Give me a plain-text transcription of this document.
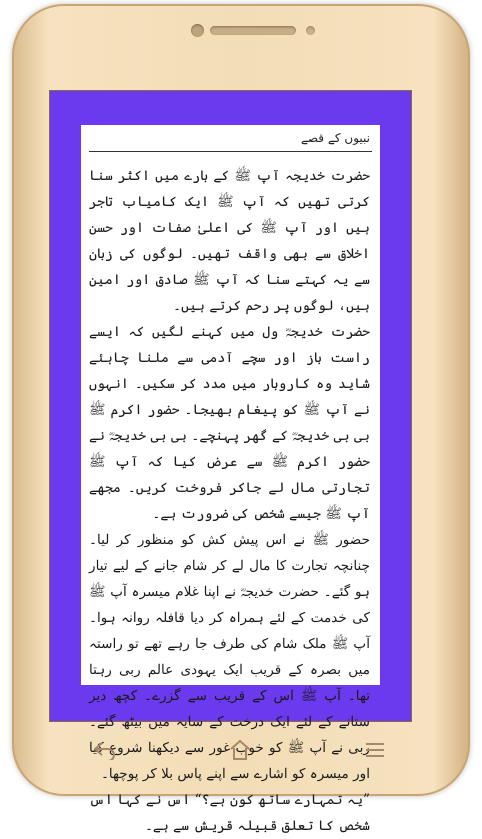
نبیوں کے قصے

حضرت خدیجہ آپ ﷺ کے بارے میں اکثر سنا کرتی تھیں کہ آپ ﷺ ایک کامیاب تاجر ہیں اور آپ ﷺ کی اعلیٰ صفات اور حسن اخلاق سے بھی واقف تھیں۔ لوگوں کی زبان سے یہ کہتے سنا کہ آپ ﷺ صادق اور امین ہیں، لوگوں پر رحم کرتے ہیں۔

حضرت خدیجہؓ ول میں کہنے لگیں کہ ایسے راست باز اور سچے آدمی سے ملنا چاہئے شاید وہ کاروبار میں مدد کر سکیں۔ انہوں نے آپ ﷺ کو پیغام بھیجا۔ حضور اکرم ﷺ بی بی خدیجہؓ کے گھر پہنچے۔ بی بی خدیجہؓ نے حضور اکرم ﷺ سے عرض کیا کہ آپ ﷺ تجارتی مال لے جاکر فروخت کریں۔ مجھے آپ ﷺ جیسے شخص کی ضرورت ہے۔

حضور ﷺ نے اس پیش کش کو منظور کر لیا۔ چنانچہ تجارت کا مال لے کر شام جانے کے لیے تیار ہو گئے۔ حضرت خدیجہؓ نے اپنا غلام میسرہ آپ ﷺ کی خدمت کے لئے ہمراہ کر دیا قافلہ روانہ ہوا۔ آپ ﷺ ملک شام کی طرف جا رہے تھے تو راستہ میں بصرہ کے قریب ایک یہودی عالم ربی رہتا تھا۔ آپ ﷺ اس کے قریب سے گزرے۔ کچھ دیر ستانے کے لئے ایک درخت کے سایہ میں بیٹھ گئے۔ ربی نے آپ ﷺ کو خوب غور سے دیکھنا شروع کیا اور میسرہ کو اشارے سے اپنے پاس بلا کر پوچھا۔

”یہ تمہارے ساتھ کون ہے؟“ اس نے کہا اس شخص کا تعلق قبیلہ قریش سے ہے۔
